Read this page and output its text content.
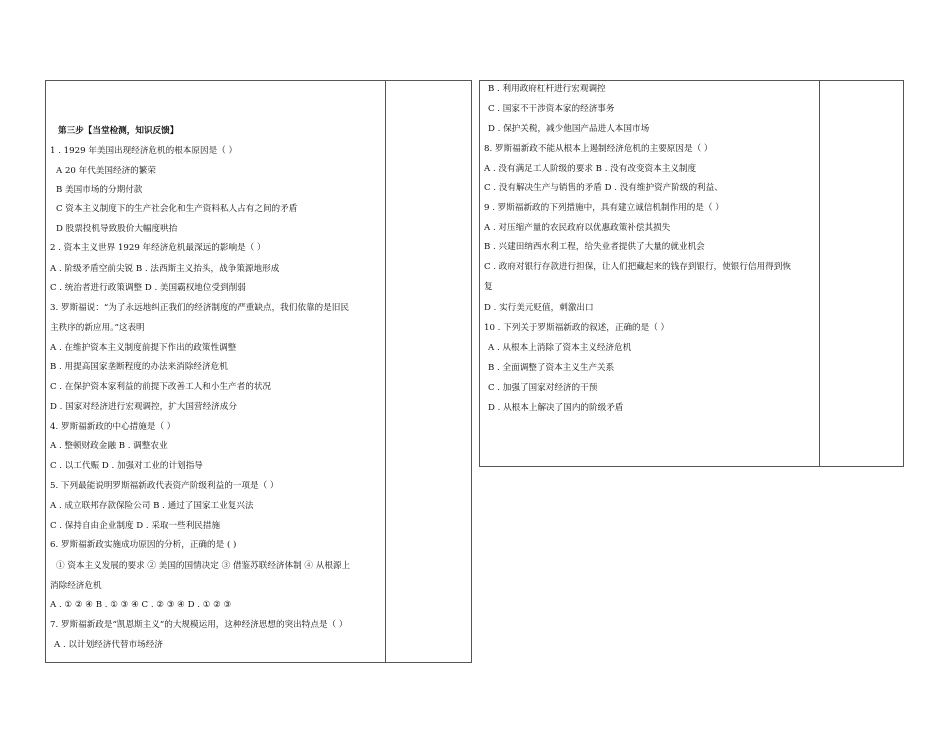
第三步【当堂检测，知识反馈】
1 . 1929 年美国出现经济危机的根本原因是（ ）
A 20 年代美国经济的繁荣
B 美国市场的分期付款
C 资本主义制度下的生产社会化和生产资料私人占有之间的矛盾
D 股票投机导致股价大幅度哄抬
2 . 资本主义世界 1929 年经济危机最深远的影响是（ ）
A . 阶级矛盾空前尖锐 B . 法西斯主义抬头，战争策源地形成
C . 统治者进行政策调整 D . 美国霸权地位受到削弱
3. 罗斯福说：“为了永远地纠正我们的经济制度的严重缺点，我们依靠的是旧民
主秩序的新应用。”这表明
A . 在维护资本主义制度前提下作出的政策性调整
B . 用提高国家垄断程度的办法来消除经济危机
C . 在保护资本家利益的前提下改善工人和小生产者的状况
D . 国家对经济进行宏观调控，扩大国营经济成分
4. 罗斯福新政的中心措施是（ ）
A . 整顿财政金融 B . 调整农业
C . 以工代赈 D . 加强对工业的计划指导
5. 下列最能说明罗斯福新政代表资产阶级利益的一项是（ ）
A . 成立联邦存款保险公司 B . 通过了国家工业复兴法
C . 保持自由企业制度 D . 采取一些利民措施
6. 罗斯福新政实施成功原因的分析，正确的是 ( )
① 资本主义发展的要求 ② 美国的国情决定 ③ 借鉴苏联经济体制 ④ 从根源上
消除经济危机
A . ① ② ④ B . ① ③ ④ C . ② ③ ④ D . ① ② ③
7. 罗斯福新政是“凯恩斯主义”的大规模运用，这种经济思想的突出特点是（ ）
A . 以计划经济代替市场经济
B . 利用政府杠杆进行宏观调控
C . 国家不干涉资本家的经济事务
D . 保护关税，减少他国产品进人本国市场
8. 罗斯福新政不能从根本上遏制经济危机的主要原因是（ ）
A . 没有满足工人阶级的要求 B . 没有改变资本主义制度
C . 没有解决生产与销售的矛盾 D . 没有维护资产阶级的利益、
9 . 罗斯福新政的下列措施中，具有建立诚信机制作用的是（ ）
A . 对压缩产量的农民政府以优惠政策补偿其损失
B . 兴建田纳西水利工程，给失业者提供了大量的就业机会
C . 政府对银行存款进行担保，让人们把藏起来的钱存到银行，使银行信用得到恢
复
D . 实行美元贬值，刺激出口
10 . 下列关于罗斯福新政的叙述，正确的是（ ）
A . 从根本上消除了资本主义经济危机
B . 全面调整了资本主义生产关系
C . 加强了国家对经济的干预
D . 从根本上解决了国内的阶级矛盾
